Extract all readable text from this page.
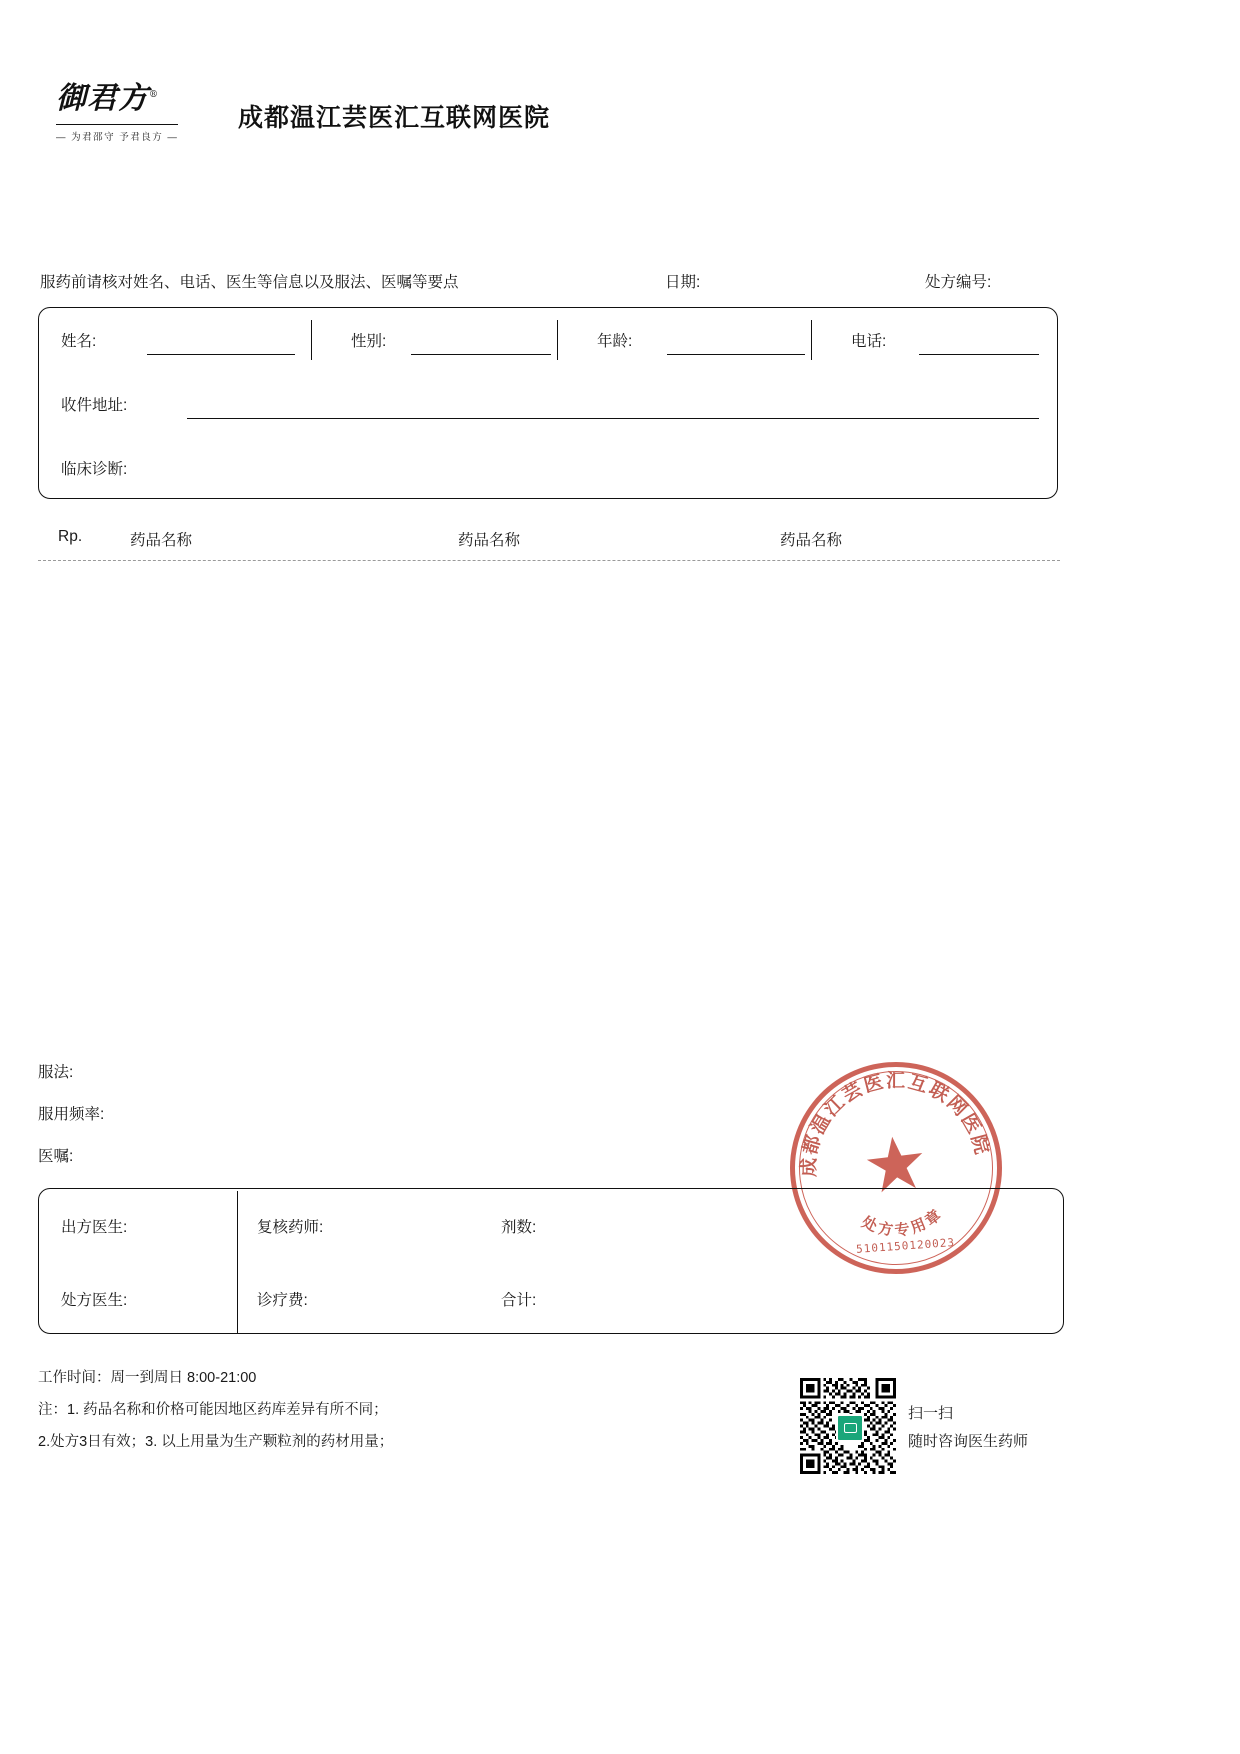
御君方®
— 为君邵守 予君良方 —
成都温江芸医汇互联网医院
服药前请核对姓名、电话、医生等信息以及服法、医嘱等要点	日期:	处方编号:
姓名:	性别:	年龄:	电话:
收件地址:
临床诊断:
Rp.	药品名称	药品名称	药品名称
服法:
服用频率:
医嘱:	成都温江芸医汇互联网医院
处方专用章
5101150120023
出方医生:	复核药师:	剂数:
处方医生:	诊疗费:	合计:
工作时间：周一到周日 8:00-21:00
注：1. 药品名称和价格可能因地区药库差异有所不同；
2.处方3日有效；3. 以上用量为生产颗粒剂的药材用量；
扫一扫
随时咨询医生药师
